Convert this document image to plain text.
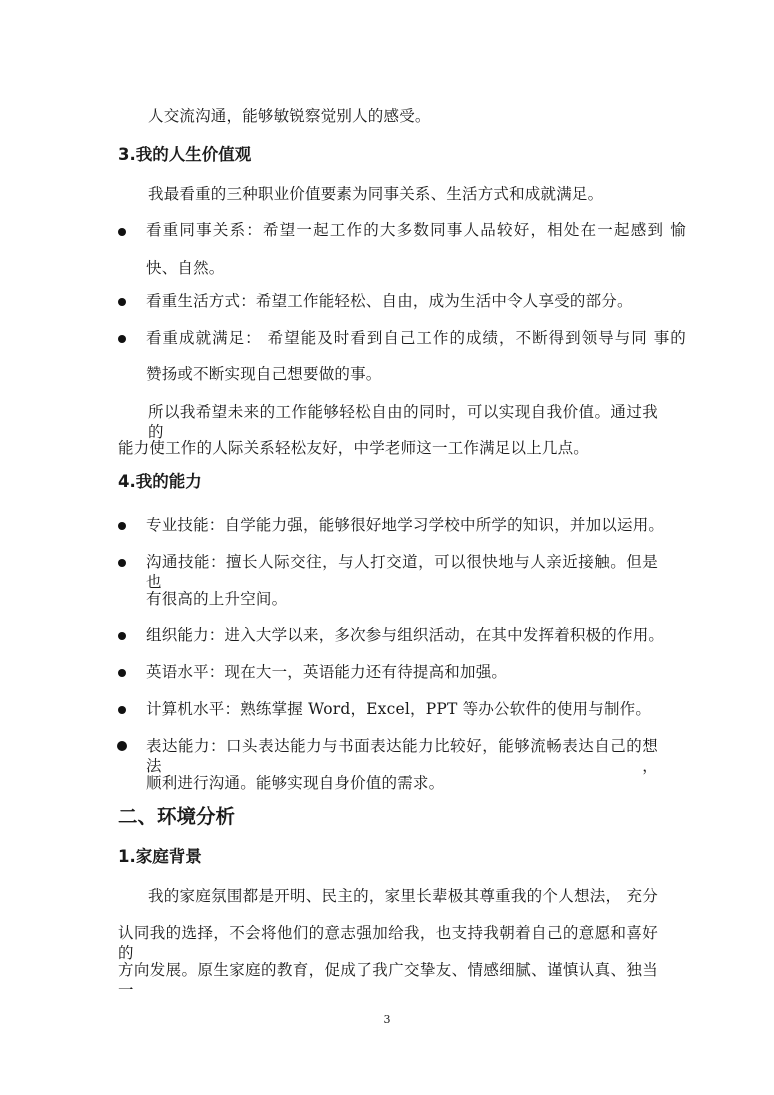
人交流沟通，能够敏锐察觉别人的感受。
3.我的人生价值观
我最看重的三种职业价值要素为同事关系、生活方式和成就满足。
看重同事关系：希望一起工作的大多数同事人品较好，相处在一起感到 愉
快、自然。
看重生活方式：希望工作能轻松、自由，成为生活中令人享受的部分。
看重成就满足： 希望能及时看到自己工作的成绩，不断得到领导与同 事的
赞扬或不断实现自己想要做的事。
所以我希望未来的工作能够轻松自由的同时，可以实现自我价值。通过我 的
能力使工作的人际关系轻松友好，中学老师这一工作满足以上几点。
4.我的能力
专业技能：自学能力强，能够很好地学习学校中所学的知识，并加以运用。
沟通技能：擅长人际交往，与人打交道，可以很快地与人亲近接触。但是也
有很高的上升空间。
组织能力：进入大学以来，多次参与组织活动，在其中发挥着积极的作用。
英语水平：现在大一，英语能力还有待提高和加强。
计算机水平：熟练掌握 Word，Excel，PPT 等办公软件的使用与制作。
表达能力：口头表达能力与书面表达能力比较好，能够流畅表达自己的想法，
顺利进行沟通。能够实现自身价值的需求。
二、环境分析
1.家庭背景
我的家庭氛围都是开明、民主的，家里长辈极其尊重我的个人想法， 充分
认同我的选择，不会将他们的意志强加给我，也支持我朝着自己的意愿和喜好的
方向发展。原生家庭的教育，促成了我广交挚友、情感细腻、谨慎认真、独当一
3
